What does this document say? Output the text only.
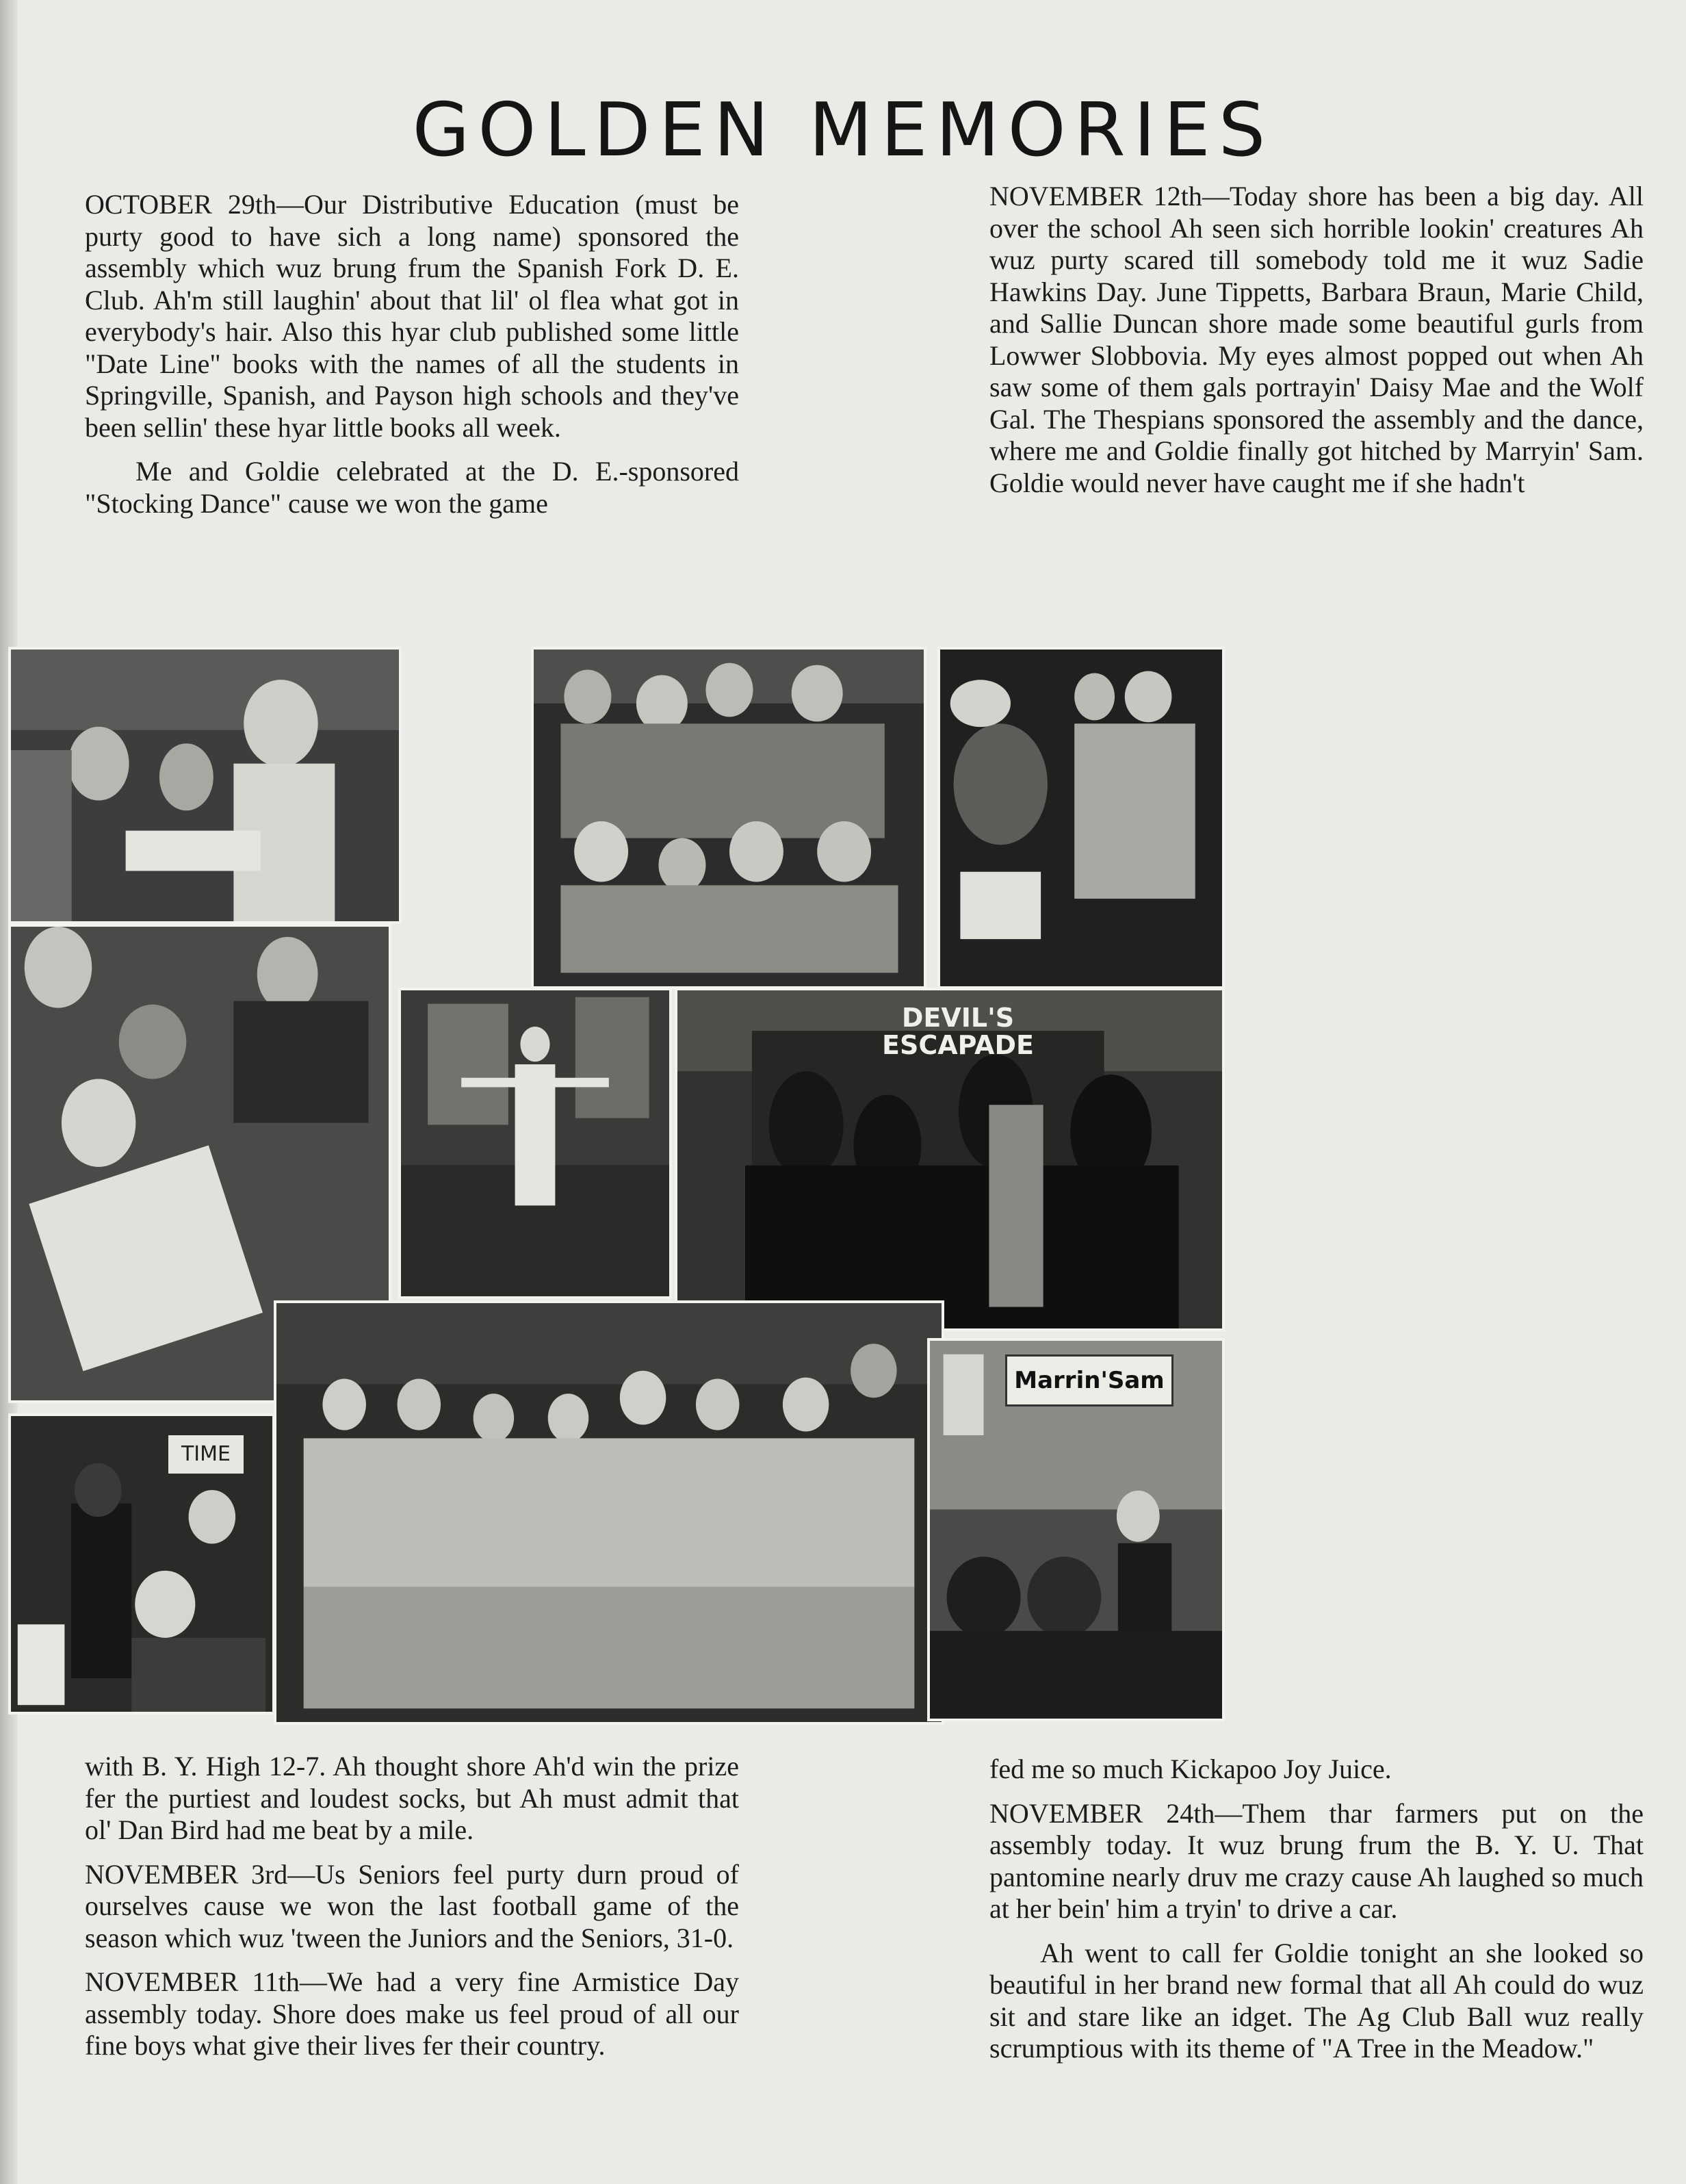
GOLDEN MEMORIES

OCTOBER 29th—Our Distributive Education (must be purty good to have sich a long name) sponsored the assembly which wuz brung frum the Spanish Fork D. E. Club. Ah'm still laughin' about that lil' ol flea what got in everybody's hair. Also this hyar club published some little "Date Line" books with the names of all the students in Springville, Spanish, and Payson high schools and they've been sellin' these hyar little books all week.

Me and Goldie celebrated at the D. E.-sponsored "Stocking Dance" cause we won the game

NOVEMBER 12th—Today shore has been a big day. All over the school Ah seen sich horrible lookin' creatures Ah wuz purty scared till somebody told me it wuz Sadie Hawkins Day. June Tippetts, Barbara Braun, Marie Child, and Sallie Duncan shore made some beautiful gurls from Lowwer Slobbovia. My eyes almost popped out when Ah saw some of them gals portrayin' Daisy Mae and the Wolf Gal. The Thespians sponsored the assembly and the dance, where me and Goldie finally got hitched by Marryin' Sam. Goldie would never have caught me if she hadn't

DEVIL'S ESCAPADE
TIME
Marrin'Sam

with B. Y. High 12-7. Ah thought shore Ah'd win the prize fer the purtiest and loudest socks, but Ah must admit that ol' Dan Bird had me beat by a mile.

NOVEMBER 3rd—Us Seniors feel purty durn proud of ourselves cause we won the last football game of the season which wuz 'tween the Juniors and the Seniors, 31-0.

NOVEMBER 11th—We had a very fine Armistice Day assembly today. Shore does make us feel proud of all our fine boys what give their lives fer their country.

fed me so much Kickapoo Joy Juice.

NOVEMBER 24th—Them thar farmers put on the assembly today. It wuz brung frum the B. Y. U. That pantomine nearly druv me crazy cause Ah laughed so much at her bein' him a tryin' to drive a car.

Ah went to call fer Goldie tonight an she looked so beautiful in her brand new formal that all Ah could do wuz sit and stare like an idget. The Ag Club Ball wuz really scrumptious with its theme of "A Tree in the Meadow."
